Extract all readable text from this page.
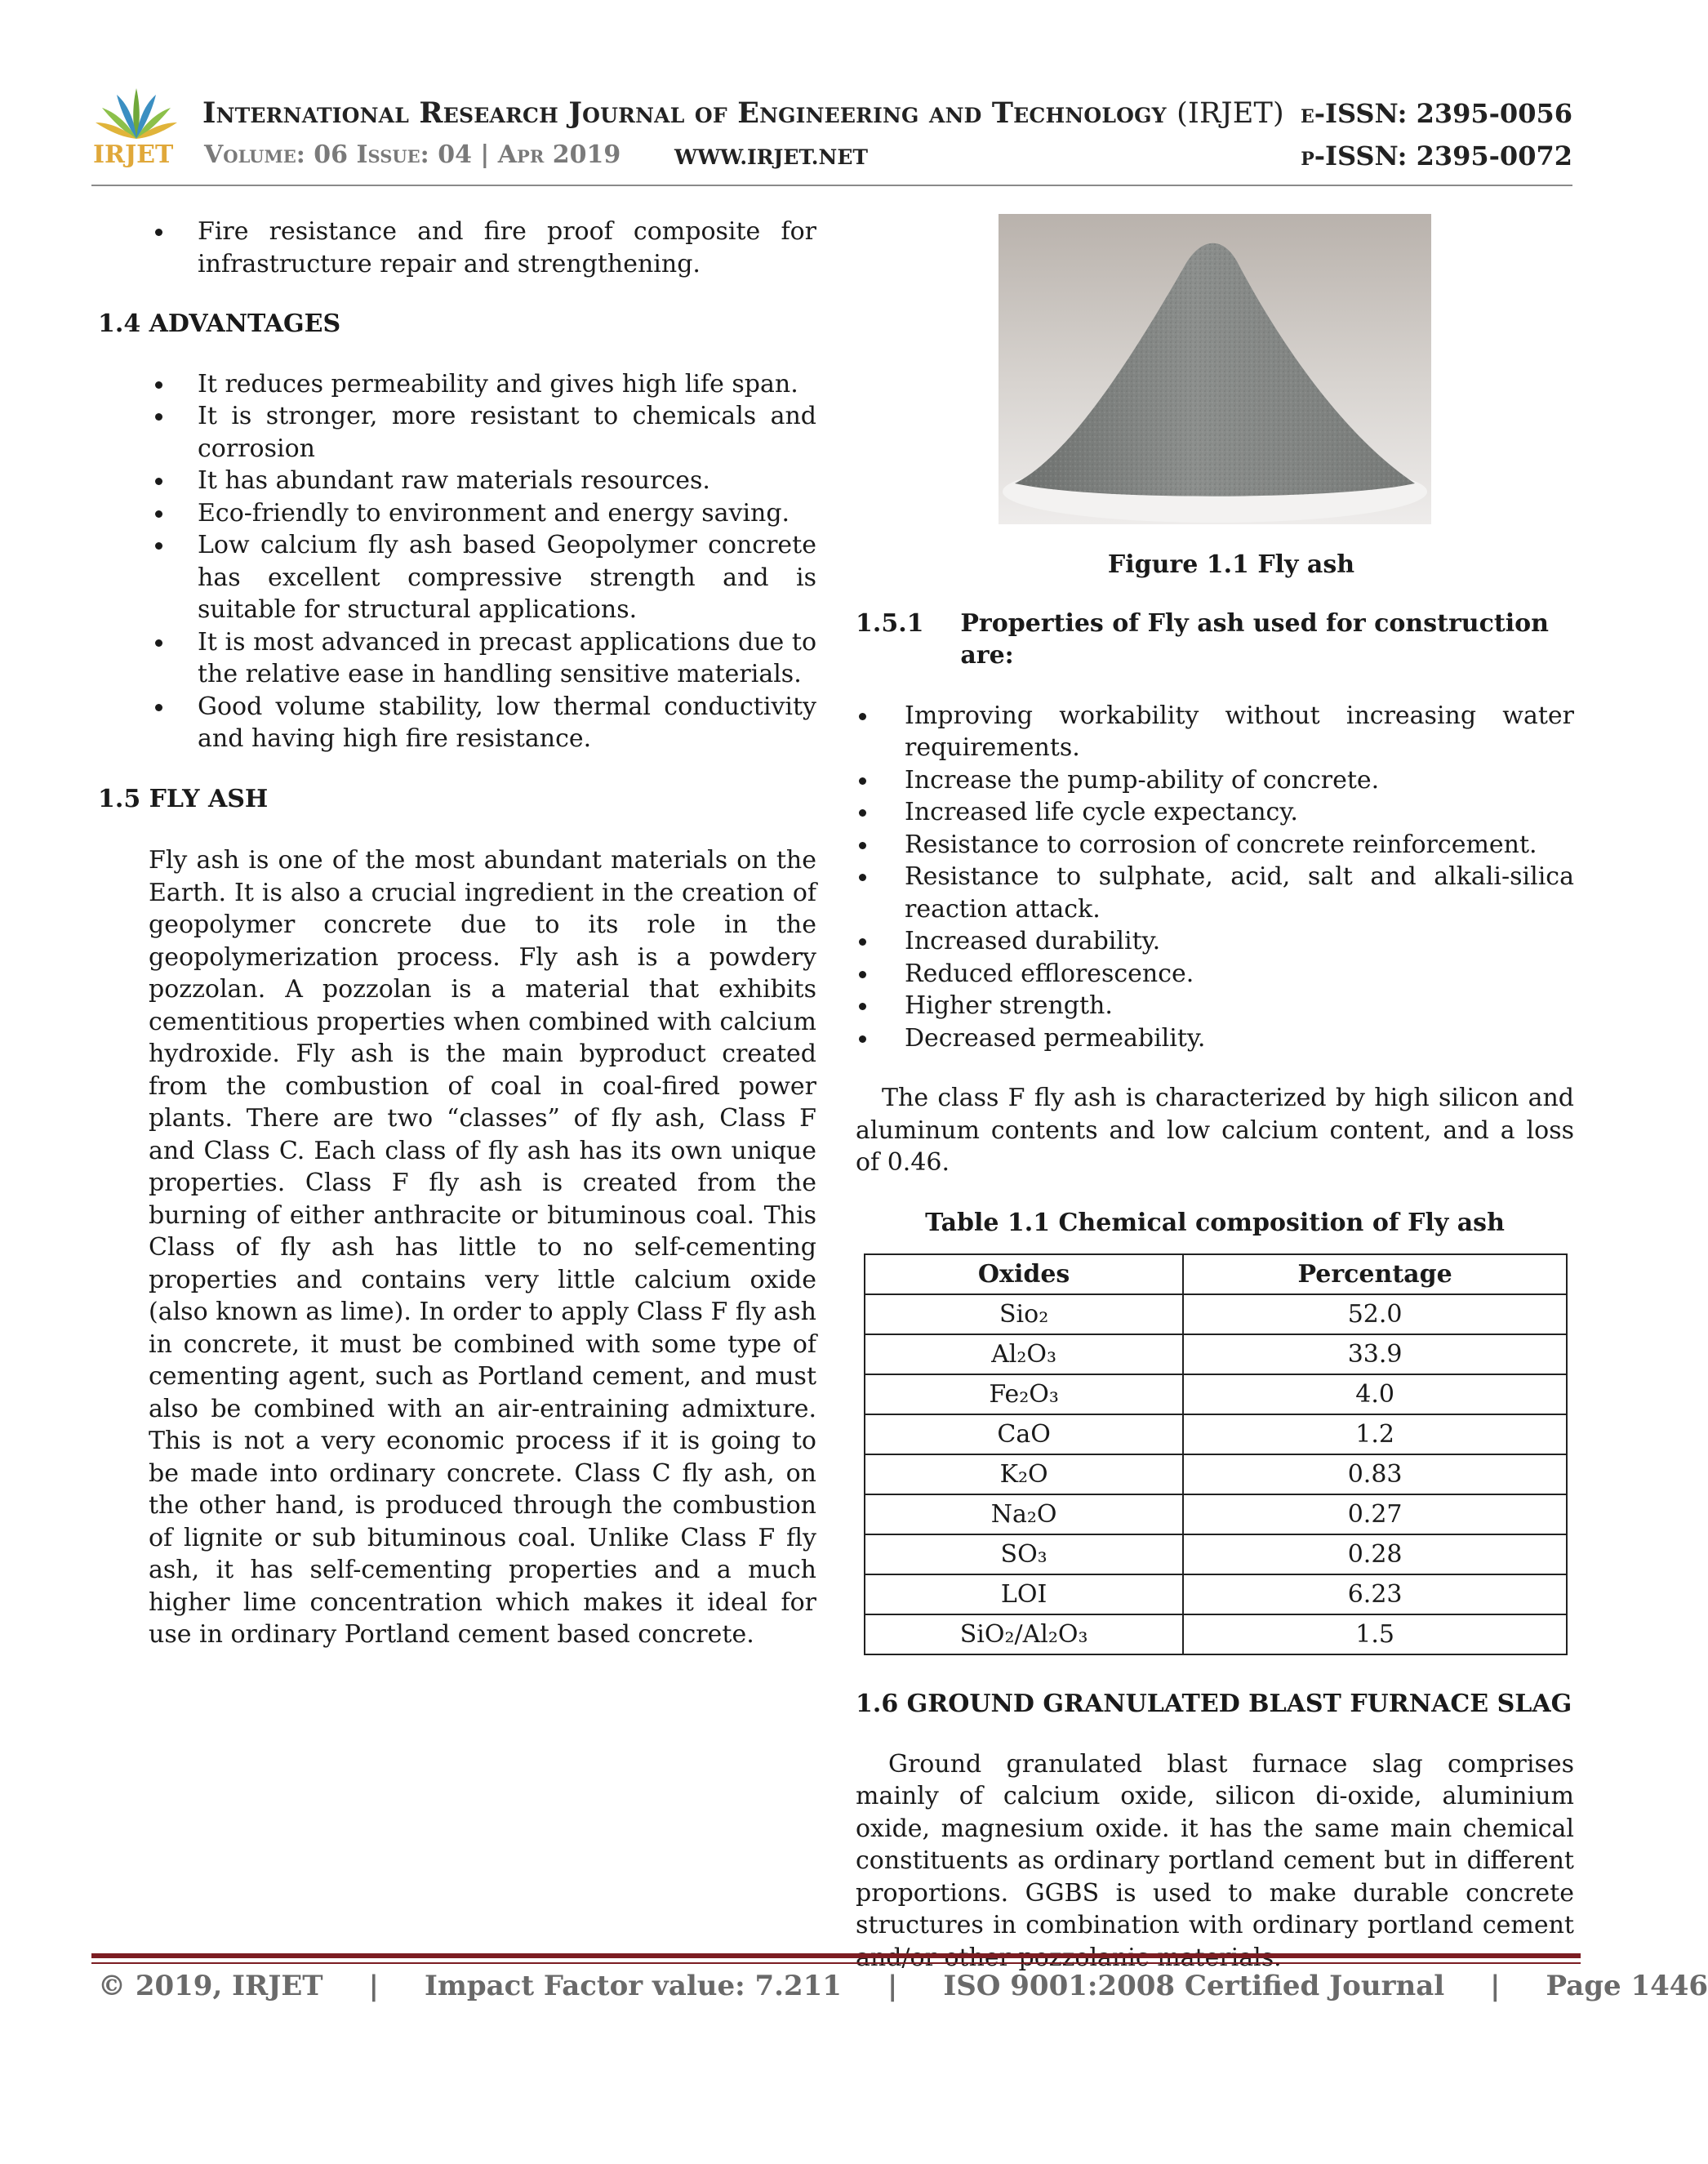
IRJET
International Research Journal of Engineering and Technology (IRJET)
Volume: 06 Issue: 04 | Apr 2019	WWW.IRJET.NET
e-ISSN: 2395-0056
p-ISSN: 2395-0072
Fire resistance and fire proof composite for infrastructure repair and strengthening.

1.4 ADVANTAGES

It reduces permeability and gives high life span.
It is stronger, more resistant to chemicals and corrosion
It has abundant raw materials resources.
Eco-friendly to environment and energy saving.
Low calcium fly ash based Geopolymer concrete has excellent compressive strength and is suitable for structural applications.
It is most advanced in precast applications due to the relative ease in handling sensitive materials.
Good volume stability, low thermal conductivity and having high fire resistance.

1.5 FLY ASH

Fly ash is one of the most abundant materials on the Earth. It is also a crucial ingredient in the creation of geopolymer concrete due to its role in the geopolymerization process. Fly ash is a powdery pozzolan. A pozzolan is a material that exhibits cementitious properties when combined with calcium hydroxide. Fly ash is the main byproduct created from the combustion of coal in coal-fired power plants. There are two “classes” of fly ash, Class F and Class C. Each class of fly ash has its own unique properties. Class F fly ash is created from the burning of either anthracite or bituminous coal. This Class of fly ash has little to no self-cementing properties and contains very little calcium oxide (also known as lime). In order to apply Class F fly ash in concrete, it must be combined with some type of cementing agent, such as Portland cement, and must also be combined with an air-entraining admixture. This is not a very economic process if it is going to be made into ordinary concrete. Class C fly ash, on the other hand, is produced through the combustion of lignite or sub bituminous coal. Unlike Class F fly ash, it has self-cementing properties and a much higher lime concentration which makes it ideal for use in ordinary Portland cement based concrete.

Figure 1.1 Fly ash
1.5.1	Properties of Fly ash used for construction are:
Improving workability without increasing water requirements.
Increase the pump-ability of concrete.
Increased life cycle expectancy.
Resistance to corrosion of concrete reinforcement.
Resistance to sulphate, acid, salt and alkali-silica reaction attack.
Increased durability.
Reduced efflorescence.
Higher strength.
Decreased permeability.

The class F fly ash is characterized by high silicon and aluminum contents and low calcium content, and a loss of 0.46.

Table 1.1 Chemical composition of Fly ash
Oxides	Percentage
Sio₂	52.0
Al₂O₃	33.9
Fe₂O₃	4.0
CaO	1.2
K₂O	0.83
Na₂O	0.27
SO₃	0.28
LOI	6.23
SiO₂/Al₂O₃	1.5

1.6 GROUND GRANULATED BLAST FURNACE SLAG

Ground granulated blast furnace slag comprises mainly of calcium oxide, silicon di-oxide, aluminium oxide, magnesium oxide. it has the same main chemical constituents as ordinary portland cement but in different proportions. GGBS is used to make durable concrete structures in combination with ordinary portland cement

© 2019, IRJET | Impact Factor value: 7.211 | ISO 9001:2008 Certified Journal | Page 1446
